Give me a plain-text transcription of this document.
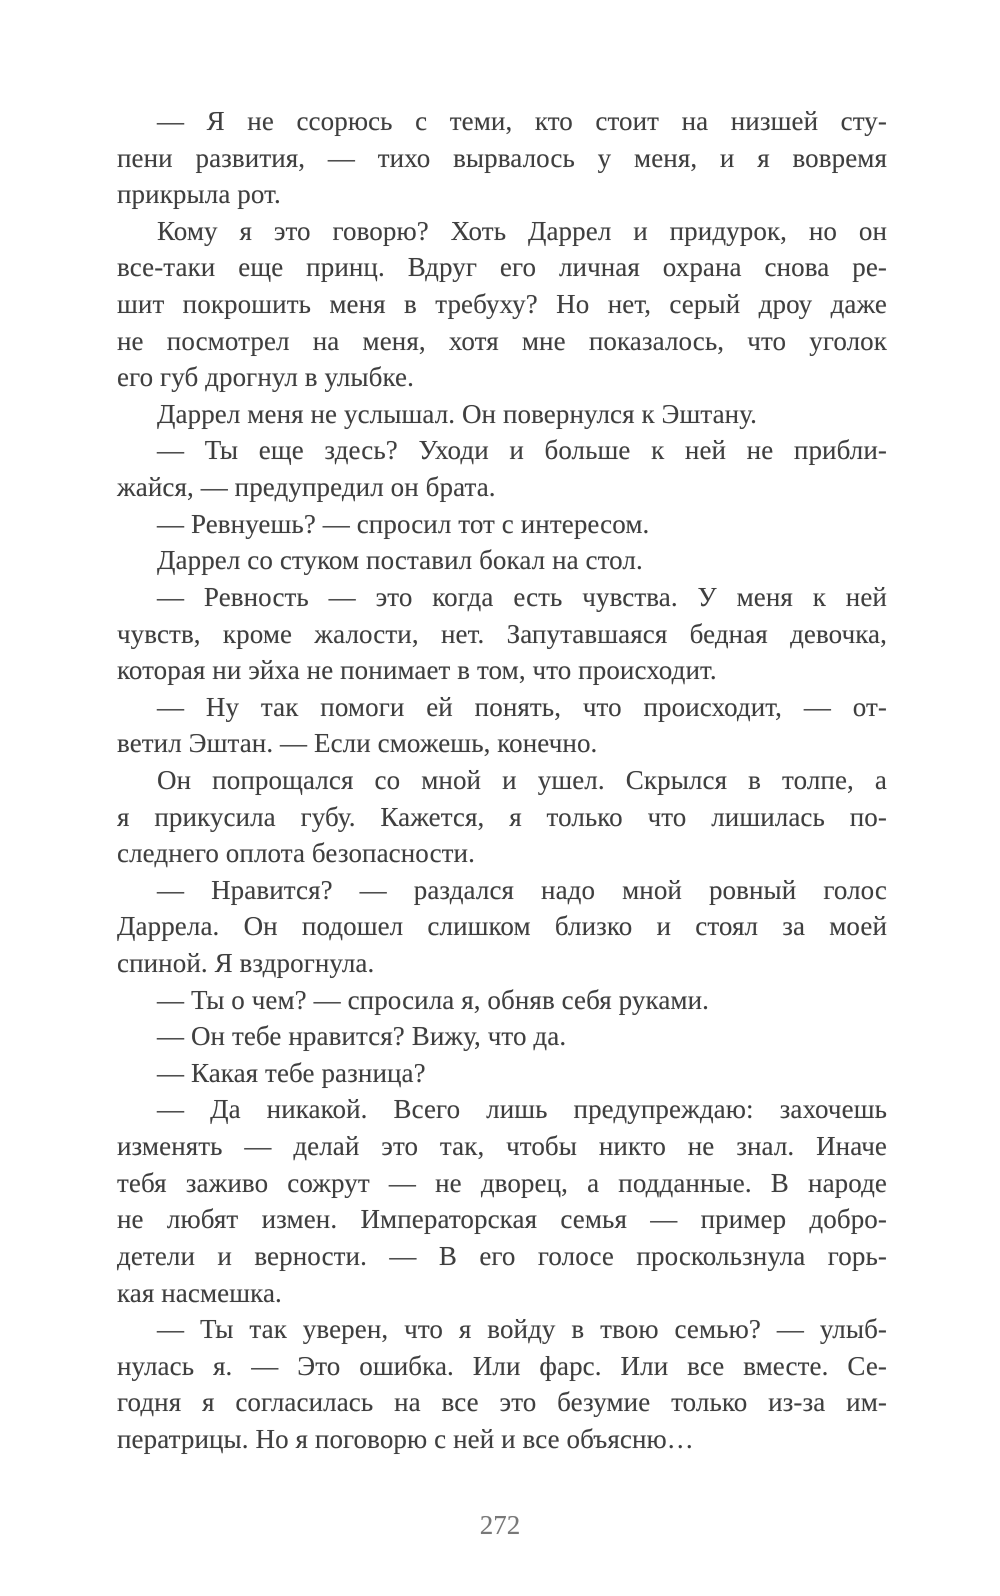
— Я не ссорюсь с теми, кто стоит на низшей сту-
пени развития, — тихо вырвалось у меня, и я вовремя
прикрыла рот.
Кому я это говорю? Хоть Даррел и придурок, но он
все-таки еще принц. Вдруг его личная охрана снова ре-
шит покрошить меня в требуху? Но нет, серый дроу даже
не посмотрел на меня, хотя мне показалось, что уголок
его губ дрогнул в улыбке.
Даррел меня не услышал. Он повернулся к Эштану.
— Ты еще здесь? Уходи и больше к ней не прибли-
жайся, — предупредил он брата.
— Ревнуешь? — спросил тот с интересом.
Даррел со стуком поставил бокал на стол.
— Ревность — это когда есть чувства. У меня к ней
чувств, кроме жалости, нет. Запутавшаяся бедная девочка,
которая ни эйха не понимает в том, что происходит.
— Ну так помоги ей понять, что происходит, — от-
ветил Эштан. — Если сможешь, конечно.
Он попрощался со мной и ушел. Скрылся в толпе, а
я прикусила губу. Кажется, я только что лишилась по-
следнего оплота безопасности.
— Нравится? — раздался надо мной ровный голос
Даррела. Он подошел слишком близко и стоял за моей
спиной. Я вздрогнула.
— Ты о чем? — спросила я, обняв себя руками.
— Он тебе нравится? Вижу, что да.
— Какая тебе разница?
— Да никакой. Всего лишь предупреждаю: захочешь
изменять — делай это так, чтобы никто не знал. Иначе
тебя заживо сожрут — не дворец, а подданные. В народе
не любят измен. Императорская семья — пример добро-
детели и верности. — В его голосе проскользнула горь-
кая насмешка.
— Ты так уверен, что я войду в твою семью? — улыб-
нулась я. — Это ошибка. Или фарс. Или все вместе. Се-
годня я согласилась на все это безумие только из-за им-
ператрицы. Но я поговорю с ней и все объясню…
272
